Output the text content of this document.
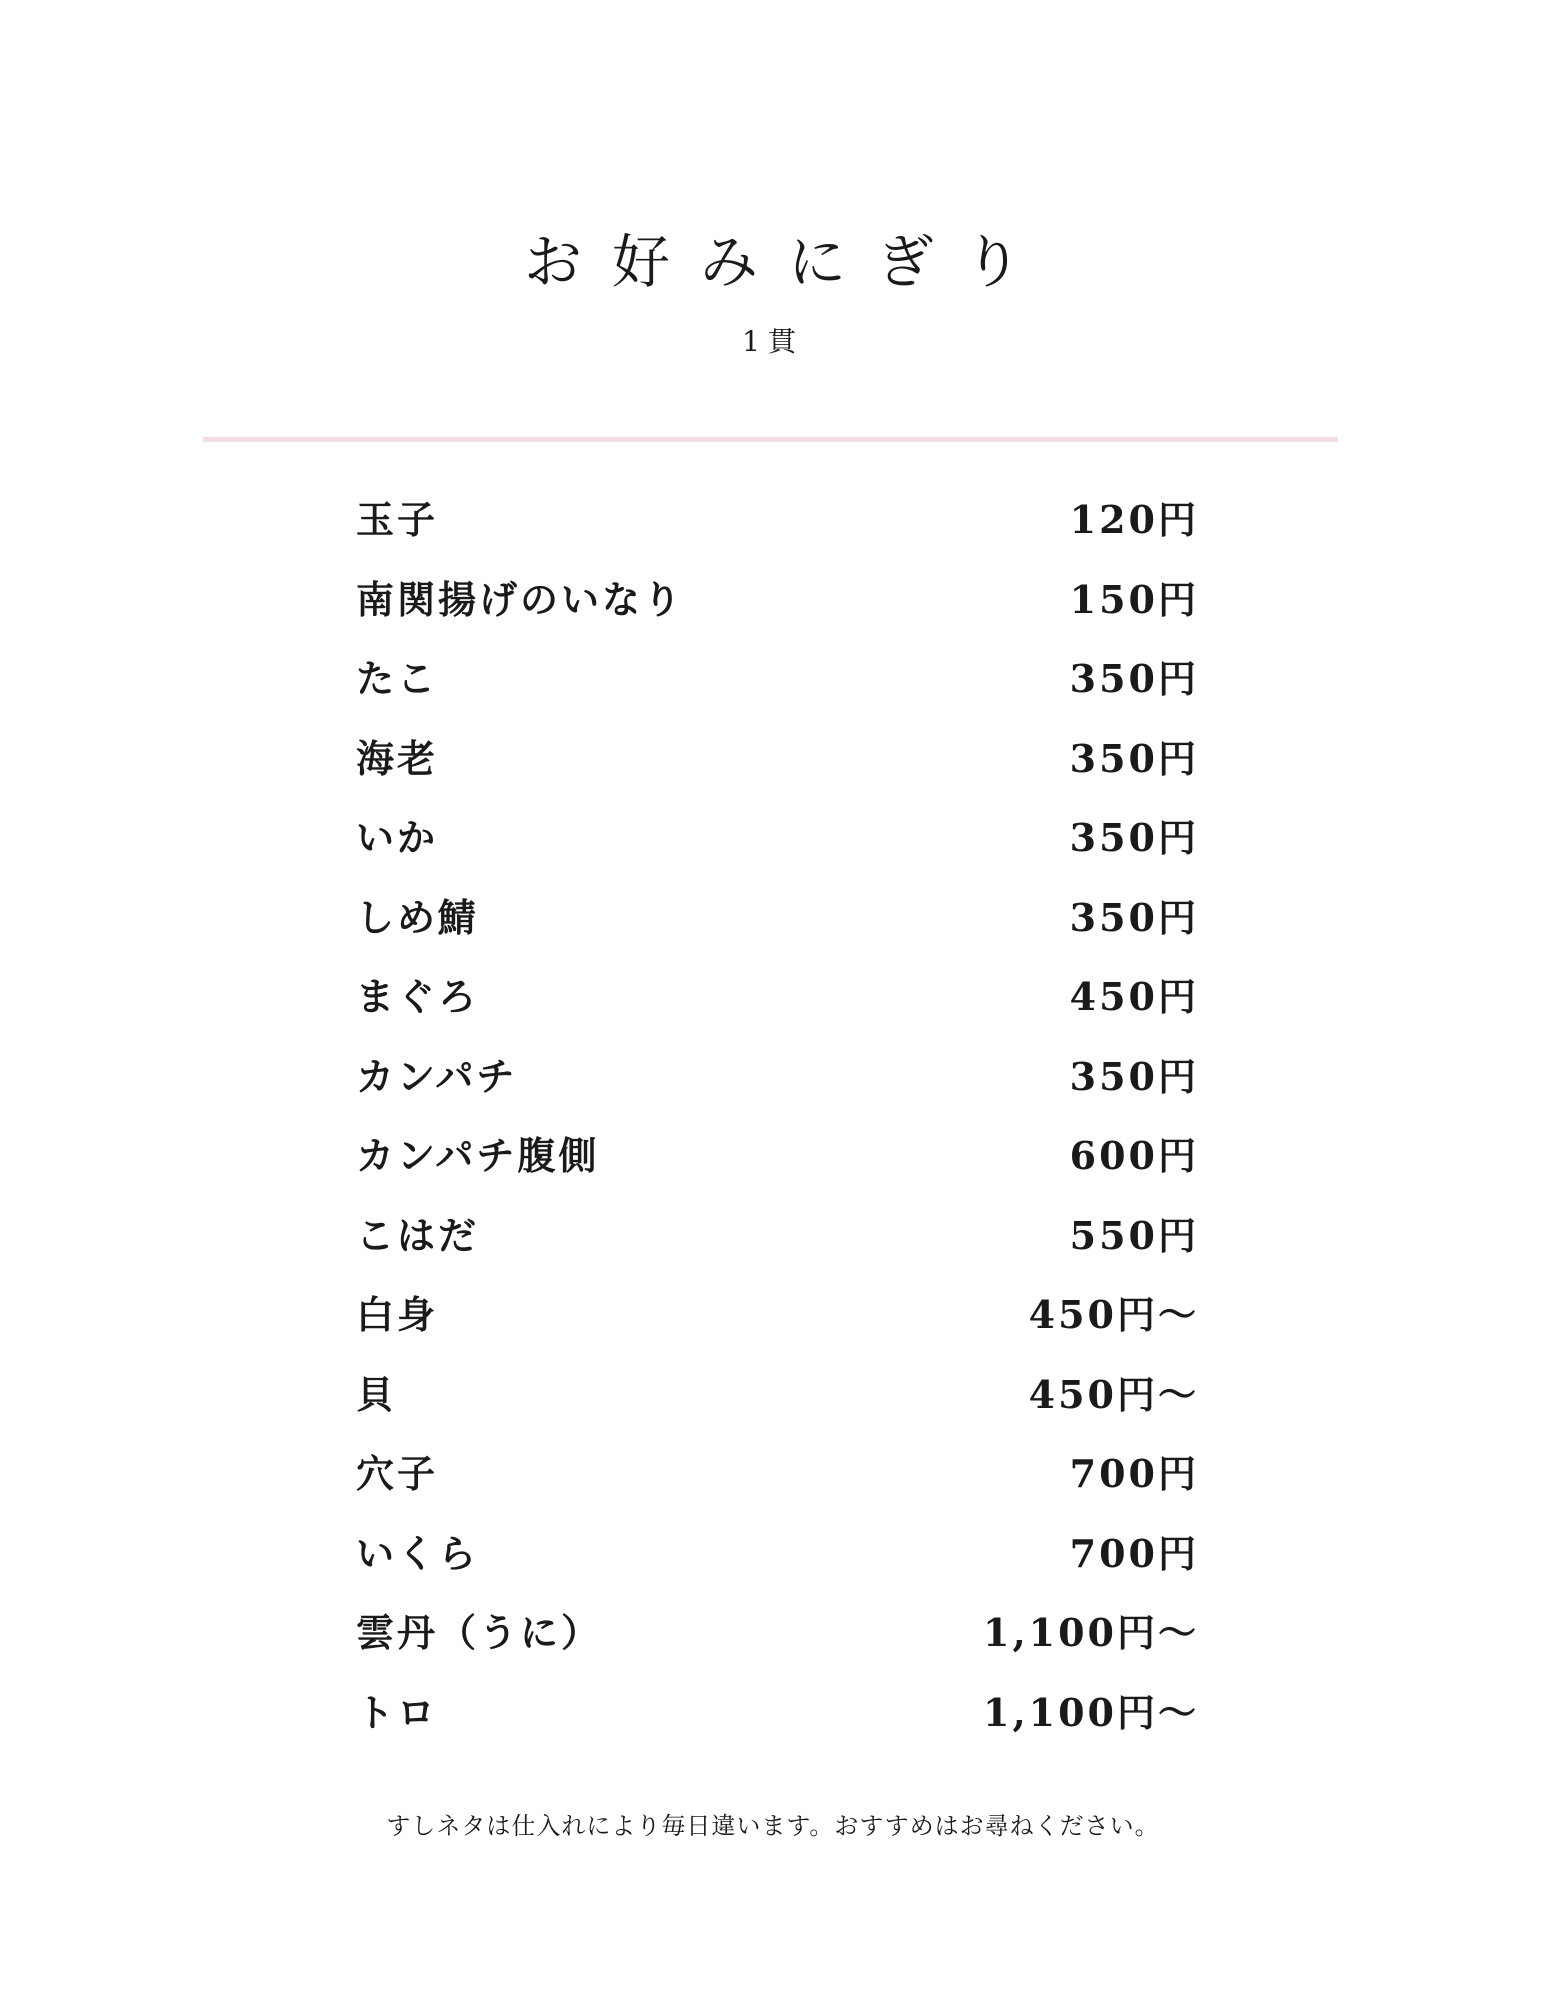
お好みにぎり
1貫
玉子	120円
南関揚げのいなり	150円
たこ	350円
海老	350円
いか	350円
しめ鯖	350円
まぐろ	450円
カンパチ	350円
カンパチ腹側	600円
こはだ	550円
白身	450円～
貝	450円～
穴子	700円
いくら	700円
雲丹（うに）	1,100円～
トロ	1,100円～
すしネタは仕入れにより毎日違います。おすすめはお尋ねください。
